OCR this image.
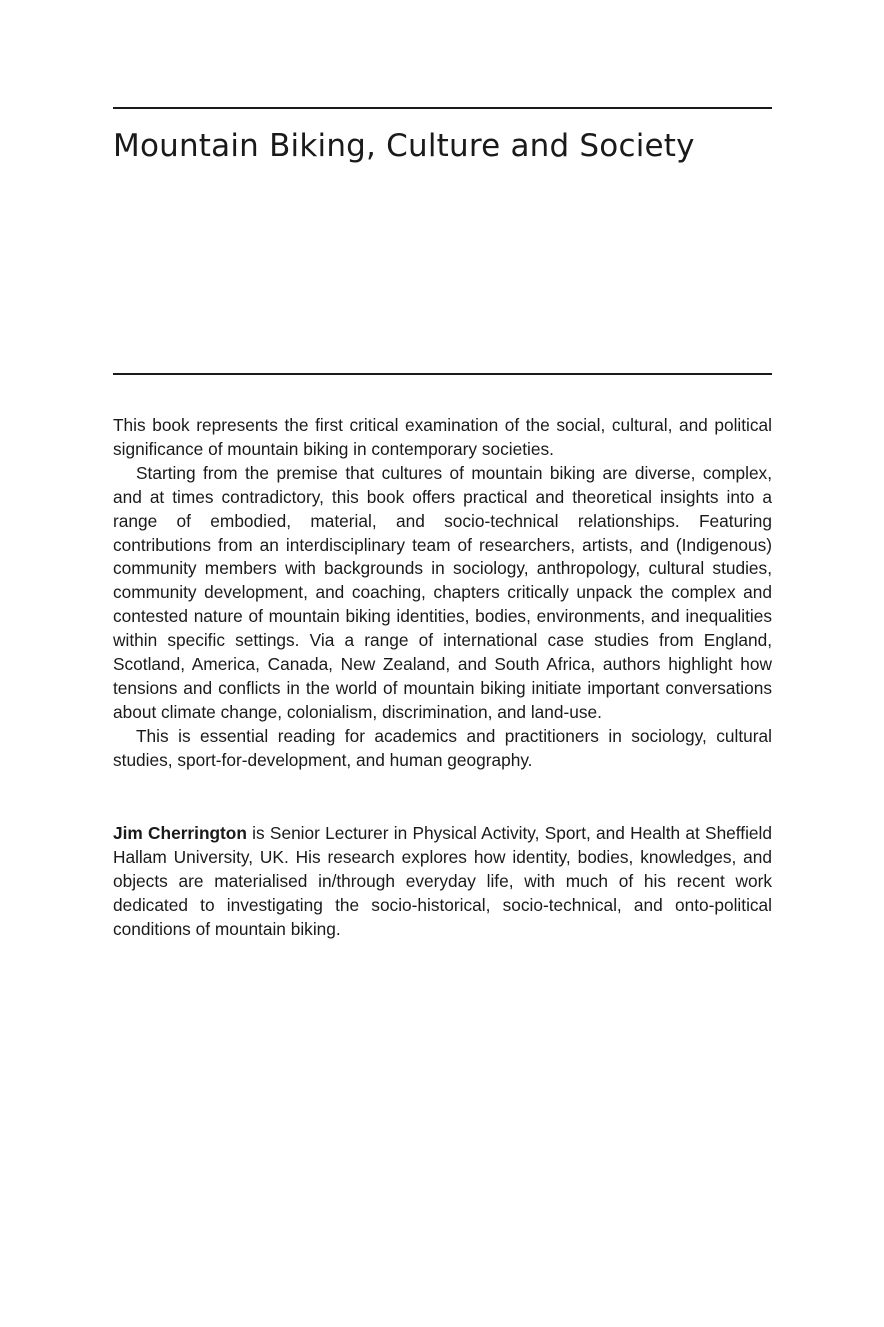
Mountain Biking, Culture and Society

This book represents the first critical examination of the social, cultural, and political significance of mountain biking in contemporary societies.

Starting from the premise that cultures of mountain biking are diverse, complex, and at times contradictory, this book offers practical and theoretical insights into a range of embodied, material, and socio-technical relationships. Featuring contributions from an interdisciplinary team of researchers, artists, and (Indigenous) community members with backgrounds in sociology, anthropology, cultural studies, community development, and coaching, chapters critically unpack the complex and contested nature of mountain biking identities, bodies, environments, and inequalities within specific settings. Via a range of international case studies from England, Scotland, America, Canada, New Zealand, and South Africa, authors highlight how tensions and conflicts in the world of mountain biking initiate important conversations about climate change, colonialism, discrimination, and land-use.

This is essential reading for academics and practitioners in sociology, cultural studies, sport-for-development, and human geography.

Jim Cherrington is Senior Lecturer in Physical Activity, Sport, and Health at Sheffield Hallam University, UK. His research explores how identity, bodies, knowledges, and objects are materialised in/through everyday life, with much of his recent work dedicated to investigating the socio-historical, socio-technical, and onto-political conditions of mountain biking.
